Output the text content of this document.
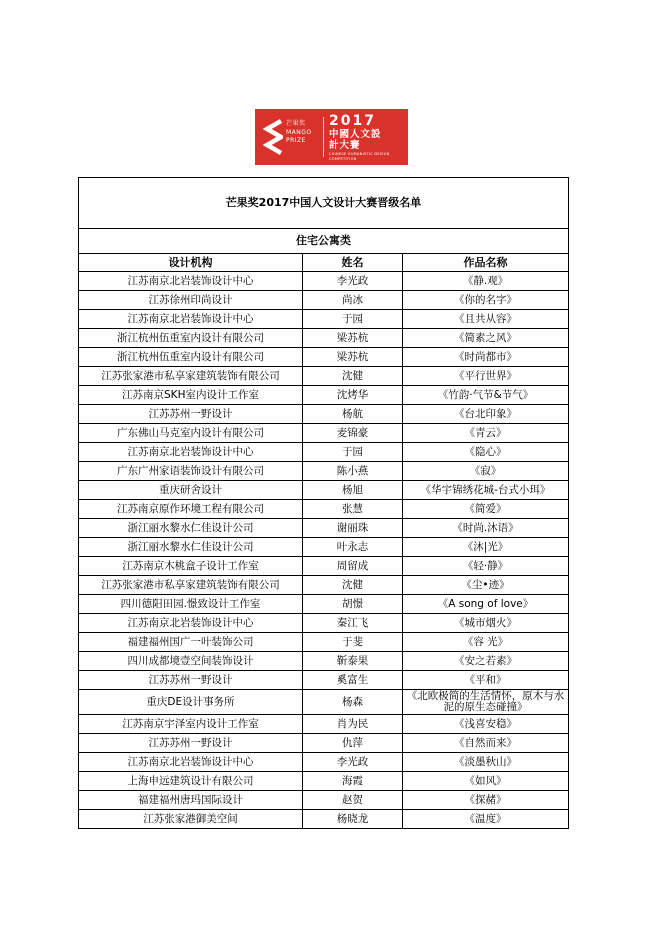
芒果奖
MANGO
PRIZE
2017
中國人文設計大賽
CHINESE HUMANISTIC DESIGN COMPETITION
芒果奖2017中国人文设计大赛晋级名单		
住宅公寓类		
设计机构	姓名	作品名称
江苏南京北岩装饰设计中心	李光政	《静.观》
江苏徐州印尚设计	尚冰	《你的名字》
江苏南京北岩装饰设计中心	于园	《且共从容》
浙江杭州伍重室内设计有限公司	梁苏杭	《简素之风》
浙江杭州伍重室内设计有限公司	梁苏杭	《时尚都市》
江苏张家港市私享家建筑装饰有限公司	沈健	《平行世界》
江苏南京SKH室内设计工作室	沈烤华	《竹韵·气节&节气》
江苏苏州一野设计	杨航	《台北印象》
广东佛山马克室内设计有限公司	麦锦豪	《青云》
江苏南京北岩装饰设计中心	于园	《隐心》
广东广州家语装饰设计有限公司	陈小燕	《寂》
重庆研舍设计	杨旭	《华宇锦绣花城-台式小珥》
江苏南京原作环境工程有限公司	张慧	《简爱》
浙江丽水黎水仁佳设计公司	谢丽珠	《时尚.沐语》
浙江丽水黎水仁佳设计公司	叶永志	《沐|光》
江苏南京木桃盒子设计工作室	周留成	《轻·静》
江苏张家港市私享家建筑装饰有限公司	沈健	《尘•迹》
四川德阳田园.憬致设计工作室	胡憬	《A song of love》
江苏南京北岩装饰设计中心	秦江飞	《城市烟火》
福建福州国广一叶装饰公司	于斐	《容 光》
四川成都境壹空间装饰设计	靳泰果	《安之若素》
江苏苏州一野设计	奚富生	《平和》
重庆DE设计事务所	杨森	《北欧极简的生活情怀，原木与水泥的原生态碰撞》
江苏南京宇泽室内设计工作室	肖为民	《浅喜安稳》
江苏苏州一野设计	仇萍	《自然而来》
江苏南京北岩装饰设计中心	李光政	《淡墨秋山》
上海申远建筑设计有限公司	海霞	《如风》
福建福州唐玛国际设计	赵贺	《探赭》
江苏张家港御美空间	杨晓龙	《温度》
